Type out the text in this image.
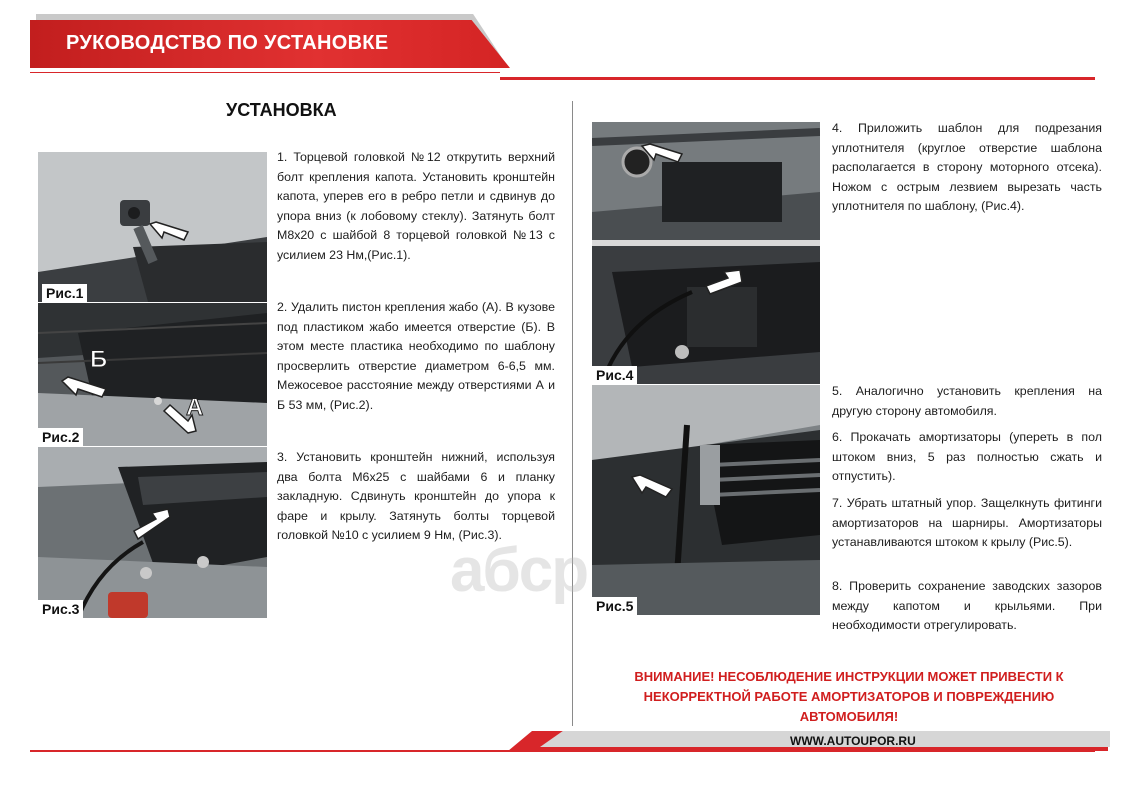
РУКОВОДСТВО ПО УСТАНОВКЕ
УСТАНОВКА
Рис.1
Б
А
Рис.2
Рис.3
Рис.4
Рис.5
1. Торцевой головкой №12 открутить верхний болт крепления капота. Установить кронштейн капота, уперев его в ребро петли и сдвинув до упора вниз (к лобовому стеклу). Затянуть болт М8х20 с шайбой 8 торцевой головкой №13 с усилием 23 Нм,(Рис.1).
2. Удалить пистон крепления жабо (А). В кузове под пластиком жабо имеется отверстие (Б). В этом месте пластика необходимо по шаблону просверлить отверстие диаметром 6-6,5 мм. Межосевое расстояние между отверстиями А и Б 53 мм, (Рис.2).
3. Установить кронштейн нижний, используя два болта М6х25 с шайбами 6 и планку закладную. Сдвинуть кронштейн до упора к фаре и крылу. Затянуть болты торцевой головкой №10 с усилием 9 Нм, (Рис.3).
4. Приложить шаблон для подрезания уплотнителя (круглое отверстие шаблона располагается в сторону моторного отсека). Ножом с острым лезвием вырезать часть уплотнителя по шаблону, (Рис.4).
5. Аналогично установить крепления на другую сторону автомобиля.
6. Прокачать амортизаторы (упереть в пол штоком вниз, 5 раз полностью сжать и отпустить).
7. Убрать штатный упор. Защелкнуть фитинги амортизаторов на шарниры. Амортизаторы устанавливаются штоком к крылу (Рис.5).
8. Проверить сохранение заводских зазоров между капотом и крыльями. При необходимости отрегулировать.
aбcp
ВНИМАНИЕ! НЕСОБЛЮДЕНИЕ ИНСТРУКЦИИ МОЖЕТ ПРИВЕСТИ К НЕКОРРЕКТНОЙ РАБОТЕ АМОРТИЗАТОРОВ И ПОВРЕЖДЕНИЮ АВТОМОБИЛЯ!
WWW.AUTOUPOR.RU
